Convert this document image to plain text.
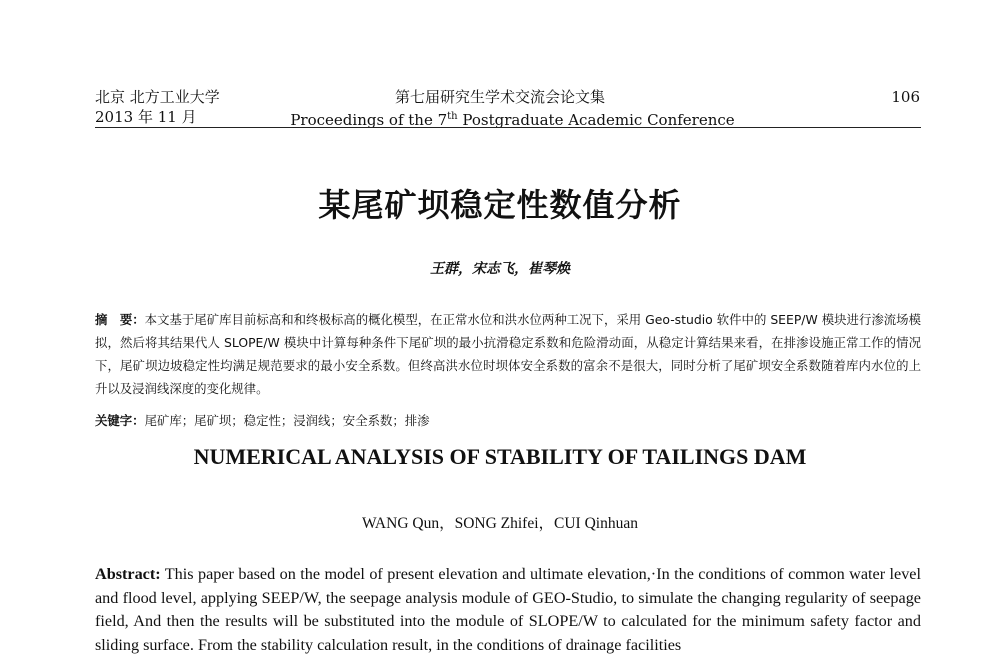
北京 北方工业大学
2013 年 11 月
第七届研究生学术交流会论文集
Proceedings of the 7th Postgraduate Academic Conference
106
某尾矿坝稳定性数值分析
王群，宋志飞，崔琴焕
摘　要：本文基于尾矿库目前标高和和终极标高的概化模型，在正常水位和洪水位两种工况下，采用 Geo-studio 软件中的 SEEP/W 模块进行渗流场模拟，然后将其结果代人 SLOPE/W 模块中计算每种条件下尾矿坝的最小抗滑稳定系数和危险滑动面，从稳定计算结果来看，在排渗设施正常工作的情况下，尾矿坝边坡稳定性均满足规范要求的最小安全系数。但终高洪水位时坝体安全系数的富余不是很大，同时分析了尾矿坝安全系数随着库内水位的上升以及浸润线深度的变化规律。
关键字：尾矿库；尾矿坝；稳定性；浸润线；安全系数；排渗
NUMERICAL ANALYSIS OF STABILITY OF TAILINGS DAM
WANG Qun，SONG Zhifei，CUI Qinhuan
Abstract: This paper based on the model of present elevation and ultimate elevation,·In the conditions of common water level and flood level, applying SEEP/W, the seepage analysis module of GEO-Studio, to simulate the changing regularity of seepage field, And then the results will be substituted into the module of SLOPE/W to calculated for the minimum safety factor and sliding surface. From the stability calculation result, in the conditions of drainage facilities
